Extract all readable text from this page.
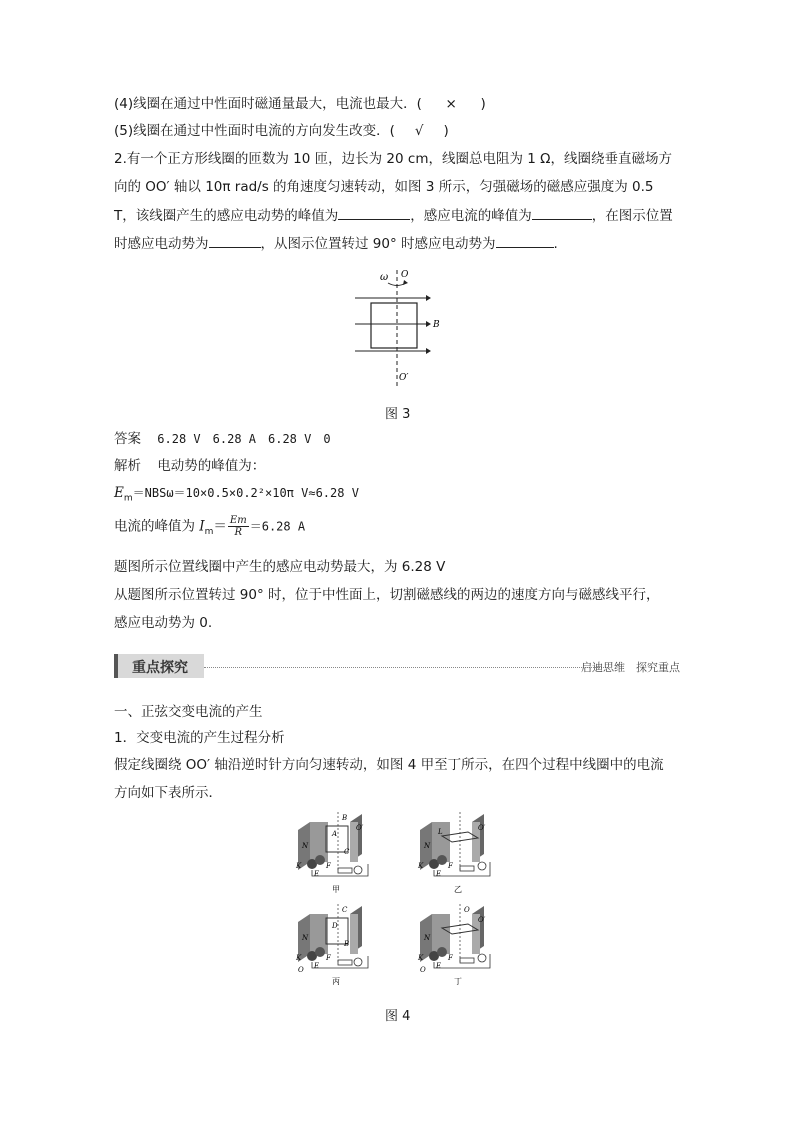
(4)线圈在通过中性面时磁通量最大，电流也最大．( × )
(5)线圈在通过中性面时电流的方向发生改变．( √ )
2.有一个正方形线圈的匝数为 10 匝，边长为 20 cm，线圈总电阻为 1 Ω，线圈绕垂直磁场方
向的 OO′ 轴以 10π rad/s 的角速度匀速转动，如图 3 所示，匀强磁场的磁感应强度为 0.5
T，该线圈产生的感应电动势的峰值为	，感应电流的峰值为	，在图示位置
时感应电动势为	，从图示位置转过 90° 时感应电动势为	.
ω O
B
O′
图 3
答案 6.28 V　6.28 A　6.28 V　0
解析 电动势的峰值为：
$E_m=NBS\omega=10\times 0.5\times 0.2^2\times 10\pi$ V≈6.28 V
电流的峰值为 $I_m= \frac{Em}{R} =6.28$ A
题图所示位置线圈中产生的感应电动势最大，为 6.28 V
从题图所示位置转过 90° 时，位于中性面上，切割磁感线的两边的速度方向与磁感线平行，
感应电动势为 0.
重点探究	启迪思维　探究重点
一、正弦交变电流的产生
1．交变电流的产生过程分析
假定线圈绕 OO′ 轴沿逆时针方向匀速转动，如图 4 甲至丁所示，在四个过程中线圈中的电流
方向如下表所示．
N
K
E
F
A
B
C
O′
甲
N
K
E
F
L	O′
乙
N
K
E
F
D
C
B
O
丙
N
K
E
F
O
O′
O
丁
图 4
